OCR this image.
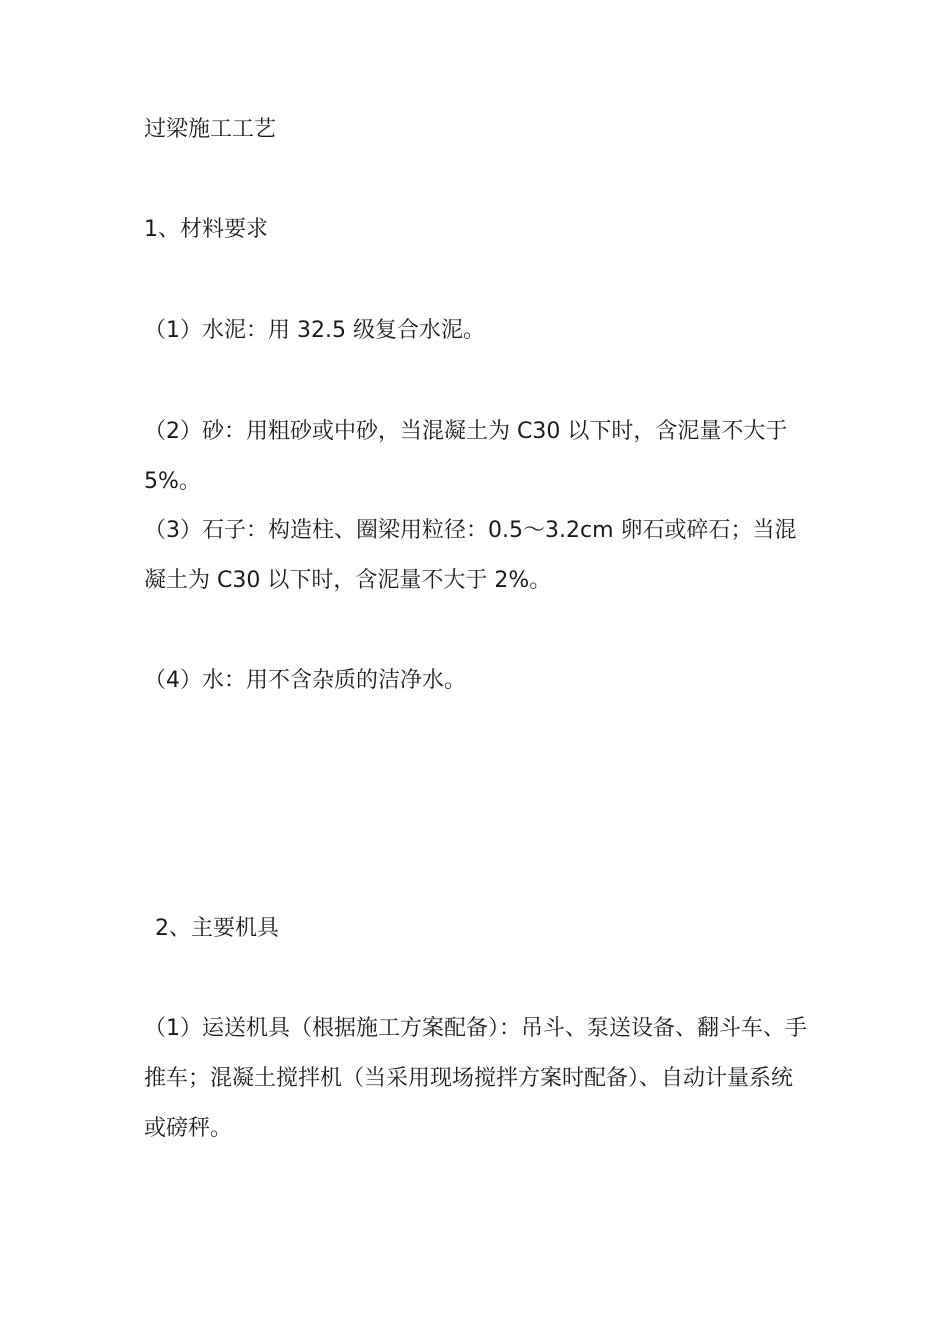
过梁施工工艺
1、材料要求
（1）水泥：用 32.5 级复合水泥。
（2）砂：用粗砂或中砂，当混凝土为 C30 以下时，含泥量不大于 5%。
（3）石子：构造柱、圈梁用粒径：0.5～3.2cm 卵石或碎石；当混凝土为 C30 以下时，含泥量不大于 2%。
（4）水：用不含杂质的洁净水。
2、主要机具
（1）运送机具（根据施工方案配备）：吊斗、泵送设备、翻斗车、手推车；混凝土搅拌机（当采用现场搅拌方案时配备）、自动计量系统或磅秤。
